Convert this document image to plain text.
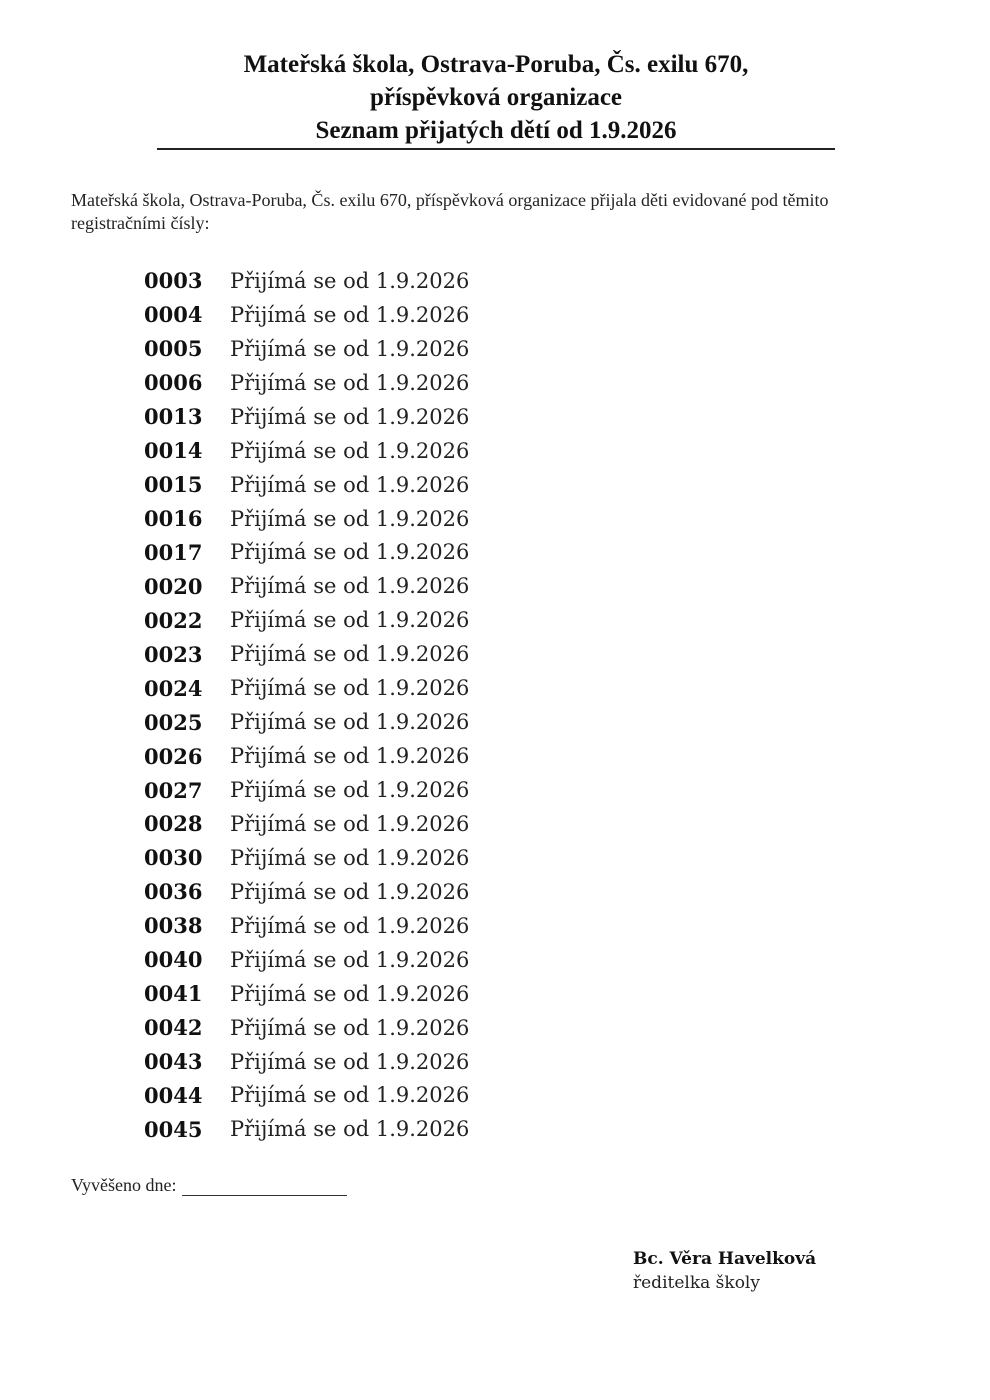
Mateřská škola, Ostrava-Poruba, Čs. exilu 670,
příspěvková organizace
Seznam přijatých dětí od 1.9.2026
Mateřská škola, Ostrava-Poruba, Čs. exilu 670, příspěvková organizace přijala děti evidované pod těmito registračními čísly:
0003	Přijímá se od 1.9.2026
0004	Přijímá se od 1.9.2026
0005	Přijímá se od 1.9.2026
0006	Přijímá se od 1.9.2026
0013	Přijímá se od 1.9.2026
0014	Přijímá se od 1.9.2026
0015	Přijímá se od 1.9.2026
0016	Přijímá se od 1.9.2026
0017	Přijímá se od 1.9.2026
0020	Přijímá se od 1.9.2026
0022	Přijímá se od 1.9.2026
0023	Přijímá se od 1.9.2026
0024	Přijímá se od 1.9.2026
0025	Přijímá se od 1.9.2026
0026	Přijímá se od 1.9.2026
0027	Přijímá se od 1.9.2026
0028	Přijímá se od 1.9.2026
0030	Přijímá se od 1.9.2026
0036	Přijímá se od 1.9.2026
0038	Přijímá se od 1.9.2026
0040	Přijímá se od 1.9.2026
0041	Přijímá se od 1.9.2026
0042	Přijímá se od 1.9.2026
0043	Přijímá se od 1.9.2026
0044	Přijímá se od 1.9.2026
0045	Přijímá se od 1.9.2026
Vyvěšeno dne:
Bc. Věra Havelková
ředitelka školy
